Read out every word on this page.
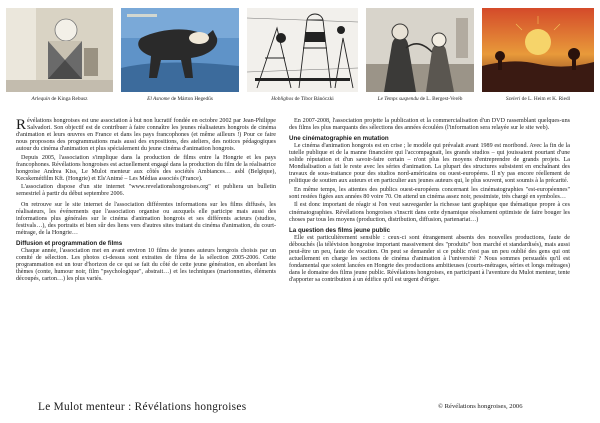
Arlequin de Kinga Rebusz	El Asnome de Márton Hegedűs	Hoblighos de Tibor Bánóczki	Le Temps suspendu de L. Bergest-Veréb	Szeleri de L. Heim et K. Riedl

Révélations hongroises est une association à but non lucratif fondée en octobre 2002 par Jean-Philippe Salvadori. Son objectif est de contribuer à faire connaître les jeunes réalisateurs hongrois de cinéma d'animation et leurs œuvres en France et dans les pays francophones (et même ailleurs !) Pour ce faire nous proposons des programmations mais aussi des expositions, des ateliers, des notices pédagogiques autour du cinéma d'animation et plus spécialement du jeune cinéma d'animation hongrois.

Depuis 2005, l'association s'implique dans la production de films entre la Hongrie et les pays francophones. Révélations hongroises est actuellement engagé dans la production du film de la réalisatrice hongroise Andrea Kiss, Le Mulot menteur aux côtés des sociétés Ambiances… asbl (Belgique), Kecskemétfilm Kft. (Hongrie) et Els'Animé – Les Médias associés (France).

L'association dispose d'un site internet "www.revelationshongroises.org" et publiera un bulletin semestriel à partir du début septembre 2006.

On retrouve sur le site internet de l'association différentes informations sur les films diffusés, les réalisateurs, les événements que l'association organise ou auxquels elle participe mais aussi des informations plus générales sur le cinéma d'animation hongrois et ses différents acteurs (studios, festivals…), des portraits et bien sûr des liens vers d'autres sites traitant du cinéma d'animation, du court-métrage, de la Hongrie…

Diffusion et programmation de films

Chaque année, l'association met en avant environ 10 films de jeunes auteurs hongrois choisis par un comité de sélection. Les photos ci-dessus sont extraites de films de la sélection 2005-2006. Cette programmation est un tour d'horizon de ce qui se fait du côté de cette jeune génération, en abordant les thèmes (conte, humour noir, film "psychologique", abstrait…) et les techniques (marionnettes, éléments découpés, carton…) les plus variés.

En 2007-2008, l'association projette la publication et la commercialisation d'un DVD rassemblant quelques-uns des films les plus marquants des sélections des années écoulées (l'information sera relayée sur le site web).

Une cinématographie en mutation

Le cinéma d'animation hongrois est en crise ; le modèle qui prévalait avant 1989 est moribond. Avec la fin de la tutelle publique et de la manne financière qui l'accompagnait, les grands studios – qui jouissaient pourtant d'une solide réputation et d'un savoir-faire certain – n'ont plus les moyens d'entreprendre de grands projets. La Mondialisation a fait le reste avec les séries d'animation. La plupart des structures subsistent en enchaînant des travaux de sous-traitance pour des studios nord-américains ou ouest-européens. Il n'y pas encore réellement de politique de soutien aux auteurs et en particulier aux jeunes auteurs qui, le plus souvent, sont soumis à la précarité.

En même temps, les attentes des publics ouest-européens concernant les cinématographies "est-européennes" sont restées figées aux années 80 voire 70. On attend un cinéma assez noir, pessimiste, très chargé en symboles…

Il est donc important de réagir si l'on veut sauvegarder la richesse tant graphique que thématique propre à ces cinématographies. Révélations hongroises s'inscrit dans cette dynamique résolument optimiste de faire bouger les choses par tous les moyens (production, distribution, diffusion, partenariat…)

La question des films jeune public

Elle est particulièrement sensible : ceux-ci sont étrangement absents des nouvelles productions, faute de débouchés (la télévision hongroise important massivement des "produits" bon marché et standardisés), mais aussi peut-être un peu, faute de vocation. On peut se demander si ce public n'est pas un peu oublié des gens qui ont actuellement en charge les sections de cinéma d'animation à l'université ? Nous sommes persuadés qu'il est fondamental que soient lancées en Hongrie des productions ambitieuses (courts-métrages, séries et longs métrages) dans le domaine des films jeune public. Révélations hongroises, en participant à l'aventure du Mulot menteur, tente d'apporter sa contribution à un édifice qu'il est urgent d'ériger.

Le Mulot menteur : Révélations hongroises	© Révélations hongroises, 2006
